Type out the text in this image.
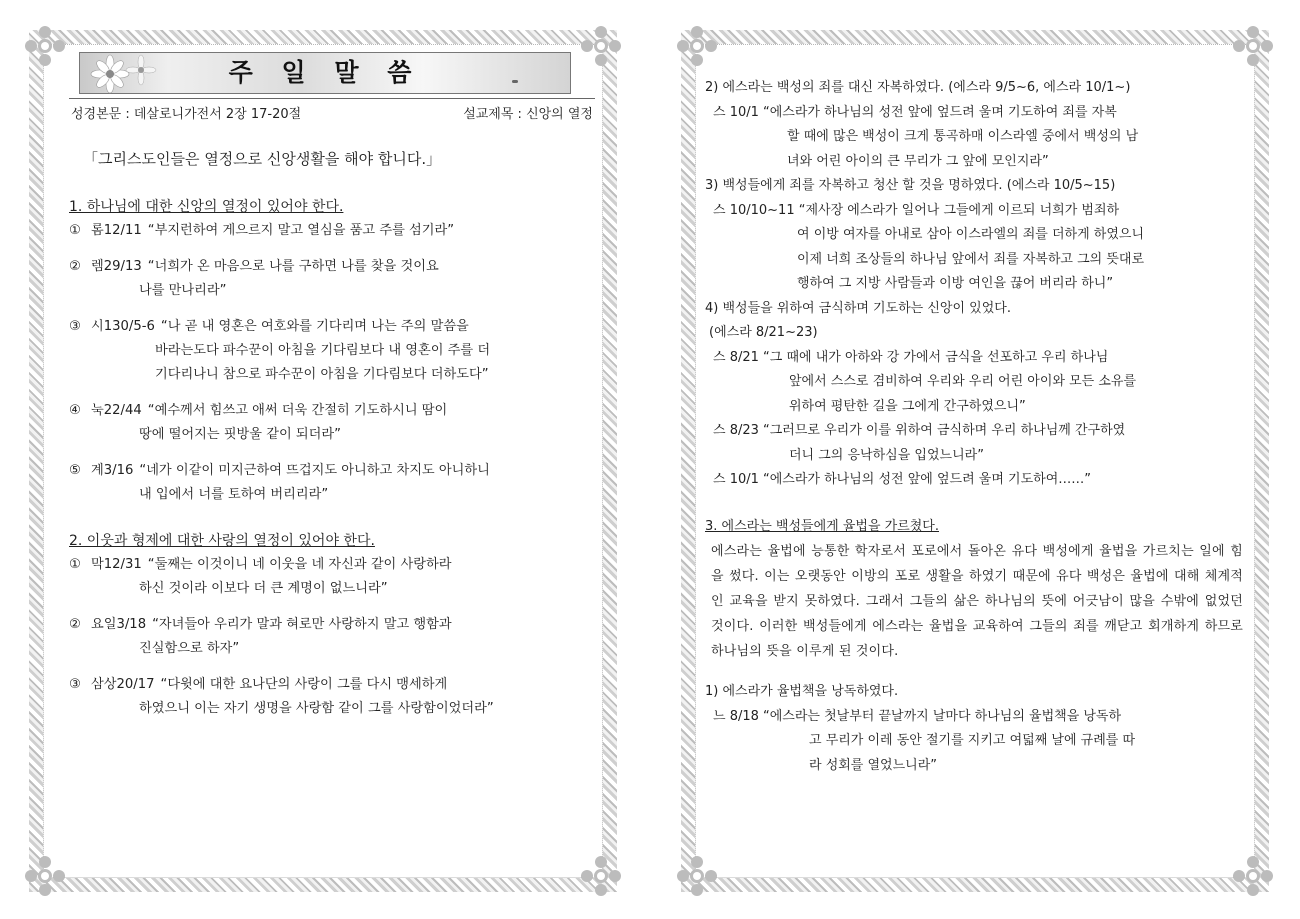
주 일 말 씀
성경본문 : 데살로니가전서 2장 17-20절	설교제목 : 신앙의 열정
「그리스도인들은 열정으로 신앙생활을 해야 합니다.」
1. 하나님에 대한 신앙의 열정이 있어야 한다.
① 롬12/11 “부지런하여 게으르지 말고 열심을 품고 주를 섬기라”
② 렘29/13 “너희가 온 마음으로 나를 구하면 나를 찾을 것이요
나를 만나리라”
③ 시130/5-6 “나 곧 내 영혼은 여호와를 기다리며 나는 주의 말씀을
바라는도다 파수꾼이 아침을 기다림보다 내 영혼이 주를 더
기다리나니 참으로 파수꾼이 아침을 기다림보다 더하도다”
④ 눅22/44 “예수께서 힘쓰고 애써 더욱 간절히 기도하시니 땀이
땅에 떨어지는 핏방울 같이 되더라”
⑤ 계3/16 “네가 이같이 미지근하여 뜨겁지도 아니하고 차지도 아니하니
내 입에서 너를 토하여 버리리라”
2. 이웃과 형제에 대한 사랑의 열정이 있어야 한다.
① 막12/31 “둘째는 이것이니 네 이웃을 네 자신과 같이 사랑하라
하신 것이라 이보다 더 큰 계명이 없느니라”
② 요일3/18 “자녀들아 우리가 말과 혀로만 사랑하지 말고 행함과
진실함으로 하자”
③ 삼상20/17 “다윗에 대한 요나단의 사랑이 그를 다시 맹세하게
하였으니 이는 자기 생명을 사랑함 같이 그를 사랑함이었더라”
2) 에스라는 백성의 죄를 대신 자복하였다. (에스라 9/5~6, 에스라 10/1~)
스 10/1 “에스라가 하나님의 성전 앞에 엎드려 울며 기도하여 죄를 자복
할 때에 많은 백성이 크게 통곡하매 이스라엘 중에서 백성의 남
녀와 어린 아이의 큰 무리가 그 앞에 모인지라”
3) 백성들에게 죄를 자복하고 청산 할 것을 명하였다. (에스라 10/5~15)
스 10/10~11 “제사장 에스라가 일어나 그들에게 이르되 너희가 범죄하
여 이방 여자를 아내로 삼아 이스라엘의 죄를 더하게 하였으니
이제 너희 조상들의 하나님 앞에서 죄를 자복하고 그의 뜻대로
행하여 그 지방 사람들과 이방 여인을 끊어 버리라 하니”
4) 백성들을 위하여 금식하며 기도하는 신앙이 있었다.
(에스라 8/21~23)
스 8/21 “그 때에 내가 아하와 강 가에서 금식을 선포하고 우리 하나님
앞에서 스스로 겸비하여 우리와 우리 어린 아이와 모든 소유를
위하여 평탄한 길을 그에게 간구하였으니”
스 8/23 “그러므로 우리가 이를 위하여 금식하며 우리 하나님께 간구하였
더니 그의 응낙하심을 입었느니라”
스 10/1 “에스라가 하나님의 성전 앞에 엎드려 울며 기도하여……”
3. 에스라는 백성들에게 율법을 가르쳤다.
에스라는 율법에 능통한 학자로서 포로에서 돌아온 유다 백성에게 율법을 가르치는 일에 힘을 썼다. 이는 오랫동안 이방의 포로 생활을 하였기 때문에 유다 백성은 율법에 대해 체계적인 교육을 받지 못하였다. 그래서 그들의 삶은 하나님의 뜻에 어긋남이 많을 수밖에 없었던 것이다. 이러한 백성들에게 에스라는 율법을 교육하여 그들의 죄를 깨닫고 회개하게 하므로 하나님의 뜻을 이루게 된 것이다.
1) 에스라가 율법책을 낭독하였다.
느 8/18 “에스라는 첫날부터 끝날까지 날마다 하나님의 율법책을 낭독하
고 무리가 이레 동안 절기를 지키고 여덟째 날에 규례를 따
라 성회를 열었느니라”
